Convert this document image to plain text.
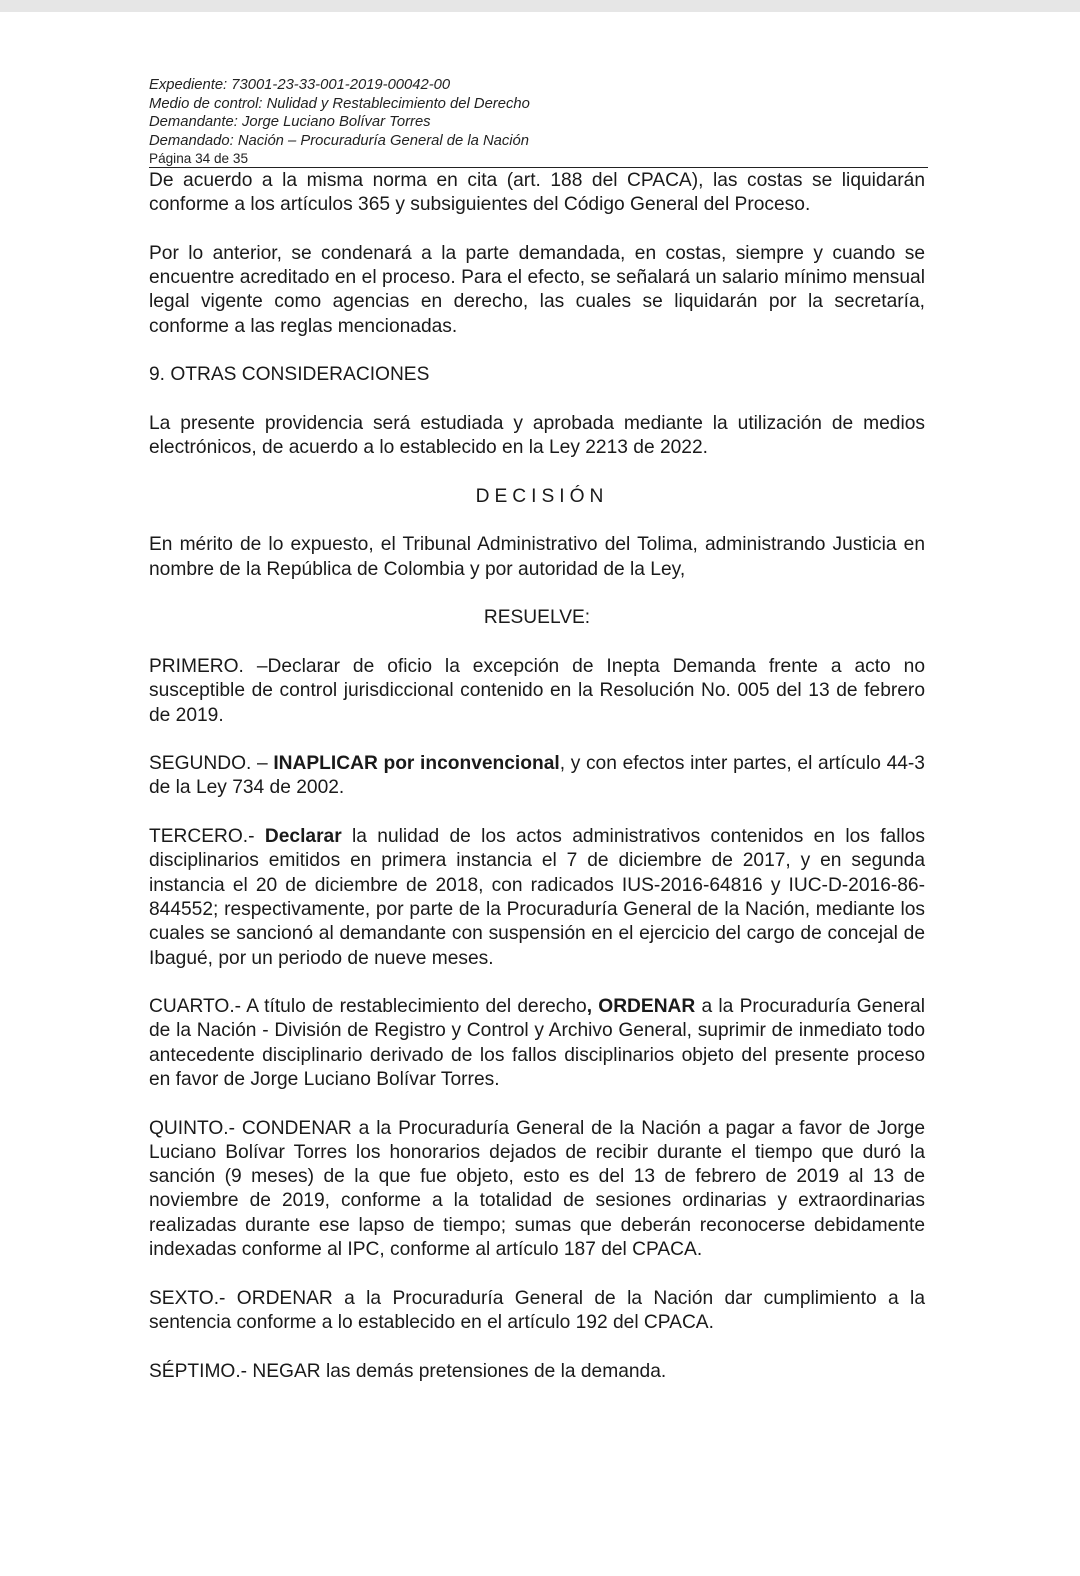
Expediente: 73001-23-33-001-2019-00042-00
Medio de control: Nulidad y Restablecimiento del Derecho
Demandante: Jorge Luciano Bolívar Torres
Demandado: Nación – Procuraduría General de la Nación
Página 34 de 35

De acuerdo a la misma norma en cita (art. 188 del CPACA), las costas se liquidarán conforme a los artículos 365 y subsiguientes del Código General del Proceso.

Por lo anterior, se condenará a la parte demandada, en costas, siempre y cuando se encuentre acreditado en el proceso. Para el efecto, se señalará un salario mínimo mensual legal vigente como agencias en derecho, las cuales se liquidarán por la secretaría, conforme a las reglas mencionadas.

9. OTRAS CONSIDERACIONES

La presente providencia será estudiada y aprobada mediante la utilización de medios electrónicos, de acuerdo a lo establecido en la Ley 2213 de 2022.

DECISIÓN

En mérito de lo expuesto, el Tribunal Administrativo del Tolima, administrando Justicia en nombre de la República de Colombia y por autoridad de la Ley,

RESUELVE:

PRIMERO. –Declarar de oficio la excepción de Inepta Demanda frente a acto no susceptible de control jurisdiccional contenido en la Resolución No. 005 del 13 de febrero de 2019.

SEGUNDO. – INAPLICAR por inconvencional, y con efectos inter partes, el artículo 44-3 de la Ley 734 de 2002.

TERCERO.- Declarar la nulidad de los actos administrativos contenidos en los fallos disciplinarios emitidos en primera instancia el 7 de diciembre de 2017, y en segunda instancia el 20 de diciembre de 2018, con radicados IUS-2016-64816 y IUC-D-2016-86-844552; respectivamente, por parte de la Procuraduría General de la Nación, mediante los cuales se sancionó al demandante con suspensión en el ejercicio del cargo de concejal de Ibagué, por un periodo de nueve meses.

CUARTO.- A título de restablecimiento del derecho, ORDENAR a la Procuraduría General de la Nación - División de Registro y Control y Archivo General, suprimir de inmediato todo antecedente disciplinario derivado de los fallos disciplinarios objeto del presente proceso en favor de Jorge Luciano Bolívar Torres.

QUINTO.- CONDENAR a la Procuraduría General de la Nación a pagar a favor de Jorge Luciano Bolívar Torres los honorarios dejados de recibir durante el tiempo que duró la sanción (9 meses) de la que fue objeto, esto es del 13 de febrero de 2019 al 13 de noviembre de 2019, conforme a la totalidad de sesiones ordinarias y extraordinarias realizadas durante ese lapso de tiempo; sumas que deberán reconocerse debidamente indexadas conforme al IPC, conforme al artículo 187 del CPACA.

SEXTO.- ORDENAR a la Procuraduría General de la Nación dar cumplimiento a la sentencia conforme a lo establecido en el artículo 192 del CPACA.

SÉPTIMO.- NEGAR las demás pretensiones de la demanda.
